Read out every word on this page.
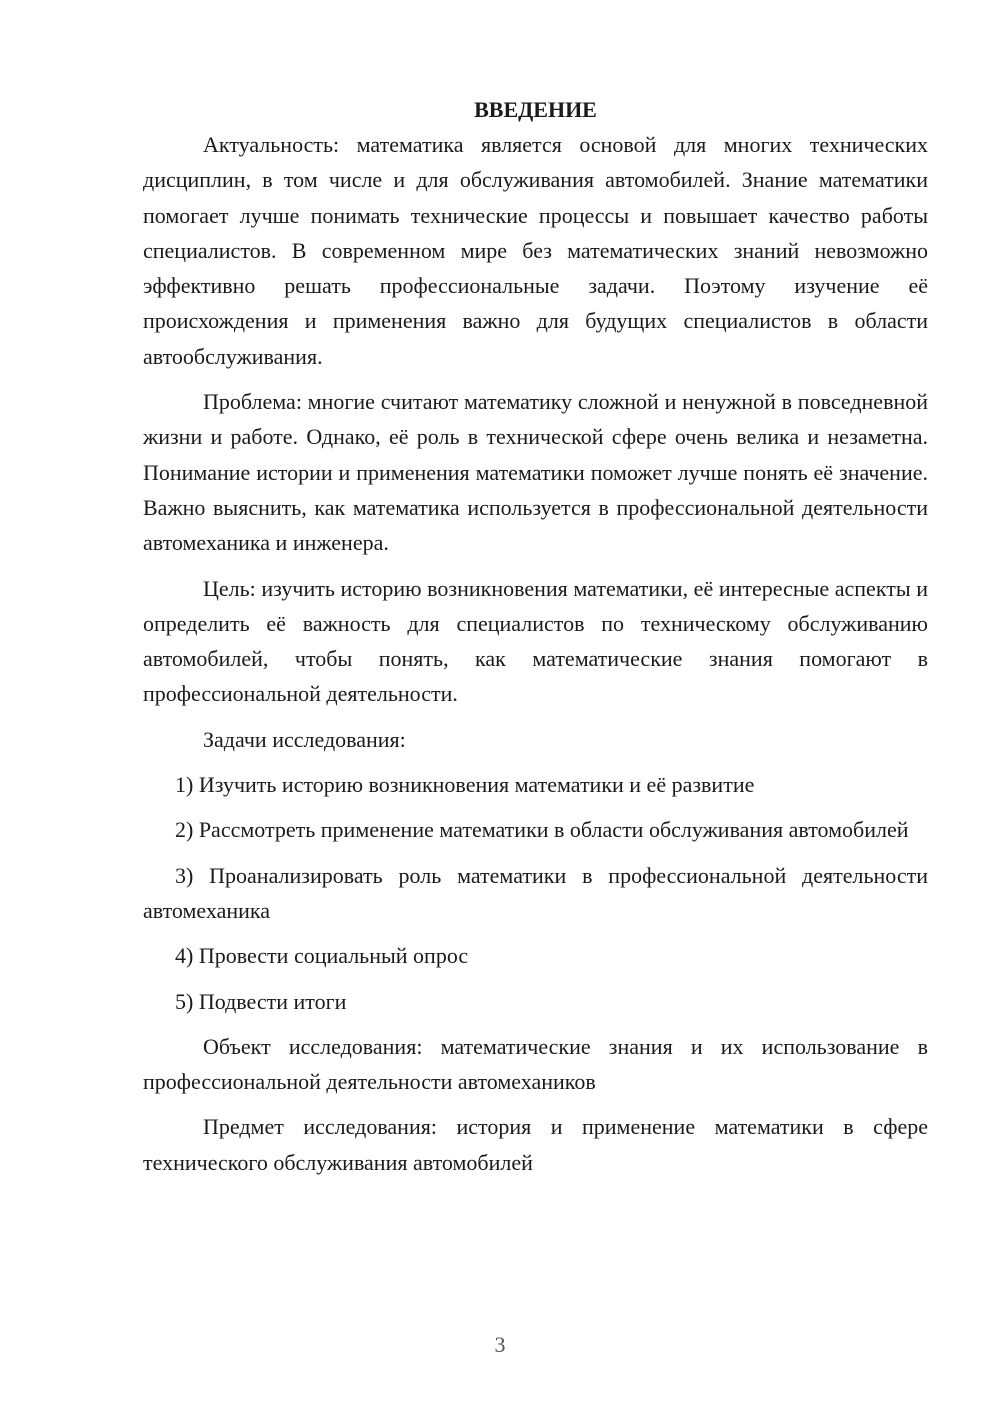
ВВЕДЕНИЕ

Актуальность: математика является основой для многих технических дисциплин, в том числе и для обслуживания автомобилей. Знание математики помогает лучше понимать технические процессы и повышает качество работы специалистов. В современном мире без математических знаний невозможно эффективно решать профессиональные задачи. Поэтому изучение её происхождения и применения важно для будущих специалистов в области автообслуживания.

Проблема: многие считают математику сложной и ненужной в повседневной жизни и работе. Однако, её роль в технической сфере очень велика и незаметна. Понимание истории и применения математики поможет лучше понять её значение. Важно выяснить, как математика используется в профессиональной деятельности автомеханика и инженера.

Цель: изучить историю возникновения математики, её интересные аспекты и определить её важность для специалистов по техническому обслуживанию автомобилей, чтобы понять, как математические знания помогают в профессиональной деятельности.

Задачи исследования:

1) Изучить историю возникновения математики и её развитие

2) Рассмотреть применение математики в области обслуживания автомобилей

3) Проанализировать роль математики в профессиональной деятельности автомеханика

4) Провести социальный опрос

5) Подвести итоги

Объект исследования: математические знания и их использование в профессиональной деятельности автомехаников

Предмет исследования: история и применение математики в сфере технического обслуживания автомобилей

3
